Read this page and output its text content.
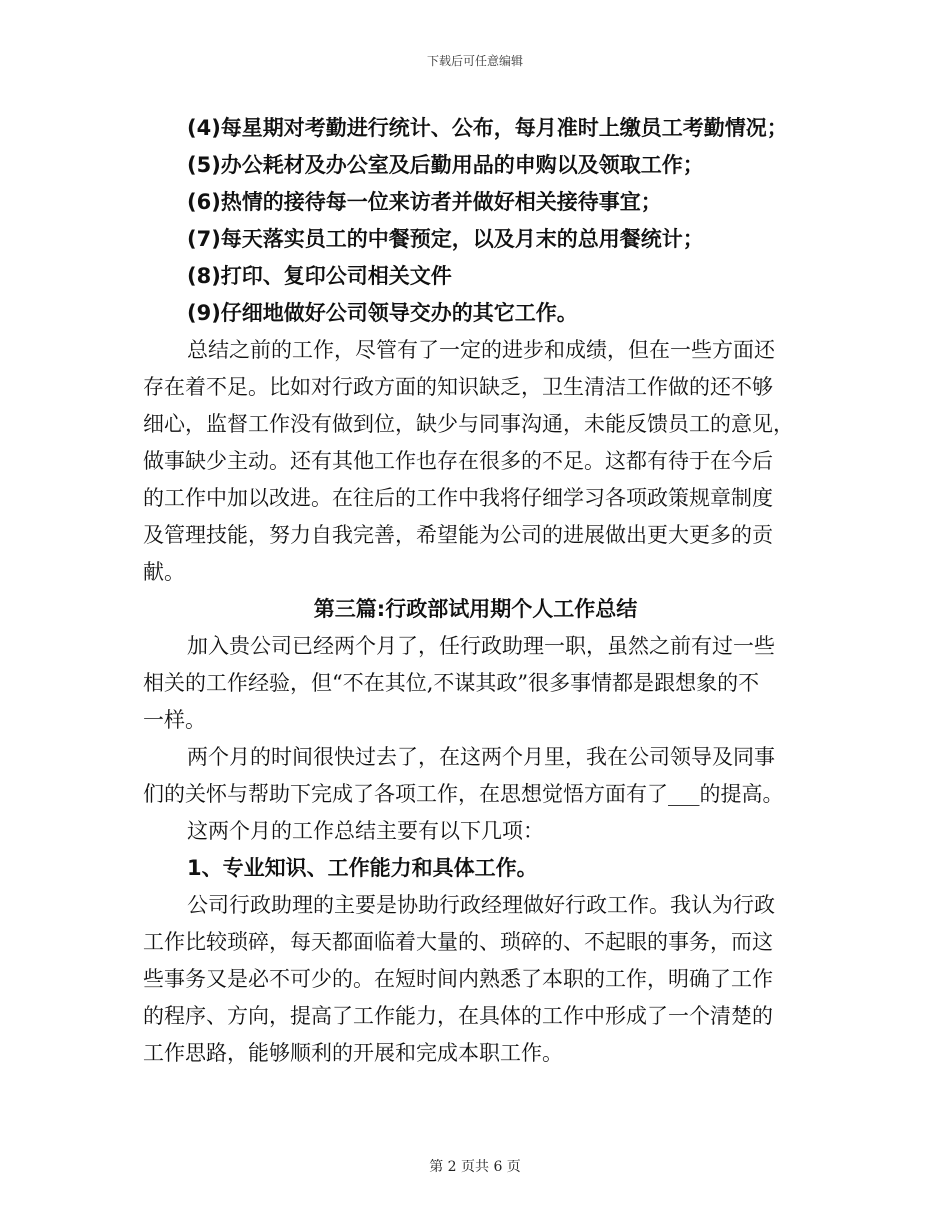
下载后可任意编辑
(4)每星期对考勤进行统计、公布，每月准时上缴员工考勤情况；
(5)办公耗材及办公室及后勤用品的申购以及领取工作；
(6)热情的接待每一位来访者并做好相关接待事宜；
(7)每天落实员工的中餐预定，以及月末的总用餐统计；
(8)打印、复印公司相关文件
(9)仔细地做好公司领导交办的其它工作。
总结之前的工作，尽管有了一定的进步和成绩，但在一些方面还
存在着不足。比如对行政方面的知识缺乏，卫生清洁工作做的还不够
细心，监督工作没有做到位，缺少与同事沟通，未能反馈员工的意见，
做事缺少主动。还有其他工作也存在很多的不足。这都有待于在今后
的工作中加以改进。在往后的工作中我将仔细学习各项政策规章制度
及管理技能，努力自我完善，希望能为公司的进展做出更大更多的贡
献。
第三篇:行政部试用期个人工作总结
加入贵公司已经两个月了，任行政助理一职，虽然之前有过一些
相关的工作经验，但“不在其位,不谋其政”很多事情都是跟想象的不
一样。
两个月的时间很快过去了，在这两个月里，我在公司领导及同事
们的关怀与帮助下完成了各项工作，在思想觉悟方面有了___的提高。
这两个月的工作总结主要有以下几项：
1、专业知识、工作能力和具体工作。
公司行政助理的主要是协助行政经理做好行政工作。我认为行政
工作比较琐碎，每天都面临着大量的、琐碎的、不起眼的事务，而这
些事务又是必不可少的。在短时间内熟悉了本职的工作，明确了工作
的程序、方向，提高了工作能力，在具体的工作中形成了一个清楚的
工作思路，能够顺利的开展和完成本职工作。
第 2 页共 6 页
